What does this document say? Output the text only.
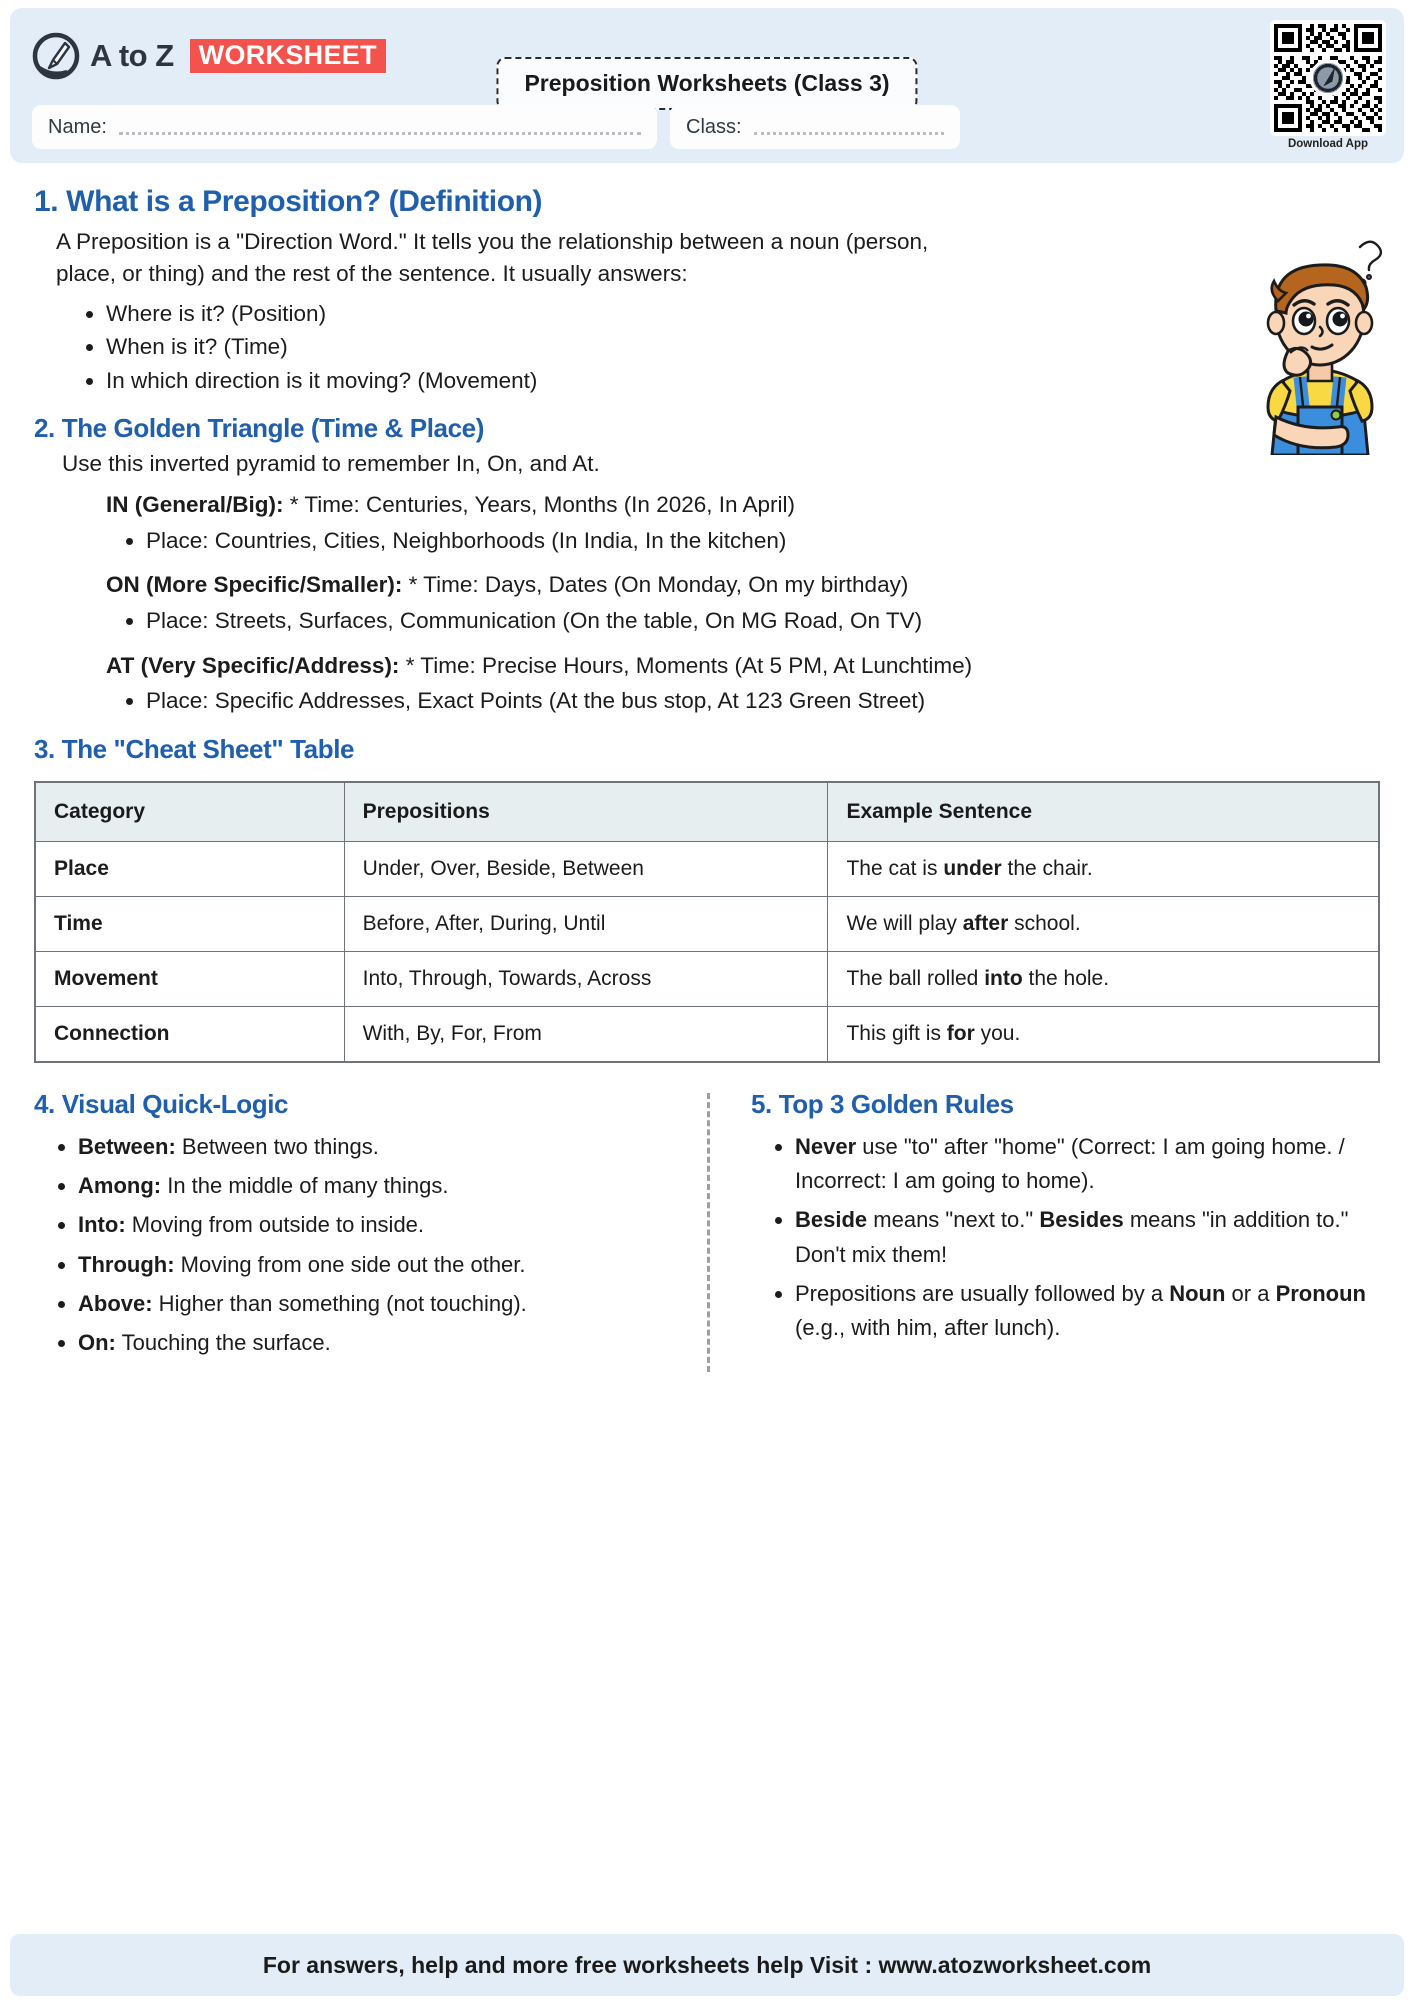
A to Z WORKSHEET
Preposition Worksheets (Class 3)
Download App
Name:	Class:
1. What is a Preposition? (Definition)

A Preposition is a "Direction Word." It tells you the relationship between a noun (person, place, or thing) and the rest of the sentence. It usually answers:

• Where is it? (Position)
• When is it? (Time)
• In which direction is it moving? (Movement)
2. The Golden Triangle (Time & Place)
Use this inverted pyramid to remember In, On, and At.
IN (General/Big): * Time: Centuries, Years, Months (In 2026, In April)
• Place: Countries, Cities, Neighborhoods (In India, In the kitchen)
ON (More Specific/Smaller): * Time: Days, Dates (On Monday, On my birthday)
• Place: Streets, Surfaces, Communication (On the table, On MG Road, On TV)
AT (Very Specific/Address): * Time: Precise Hours, Moments (At 5 PM, At Lunchtime)
• Place: Specific Addresses, Exact Points (At the bus stop, At 123 Green Street)
3. The "Cheat Sheet" Table
Category	Prepositions	Example Sentence
Place	Under, Over, Beside, Between	The cat is under the chair.
Time	Before, After, During, Until	We will play after school.
Movement	Into, Through, Towards, Across	The ball rolled into the hole.
Connection	With, By, For, From	This gift is for you.
4. Visual Quick-Logic
• Between: Between two things.
• Among: In the middle of many things.
• Into: Moving from outside to inside.
• Through: Moving from one side out the other.
• Above: Higher than something (not touching).
• On: Touching the surface.
5. Top 3 Golden Rules
• Never use "to" after "home" (Correct: I am going home. / Incorrect: I am going to home).
• Beside means "next to." Besides means "in addition to." Don't mix them!
• Prepositions are usually followed by a Noun or a Pronoun (e.g., with him, after lunch).
For answers, help and more free worksheets help Visit : www.atozworksheet.com
